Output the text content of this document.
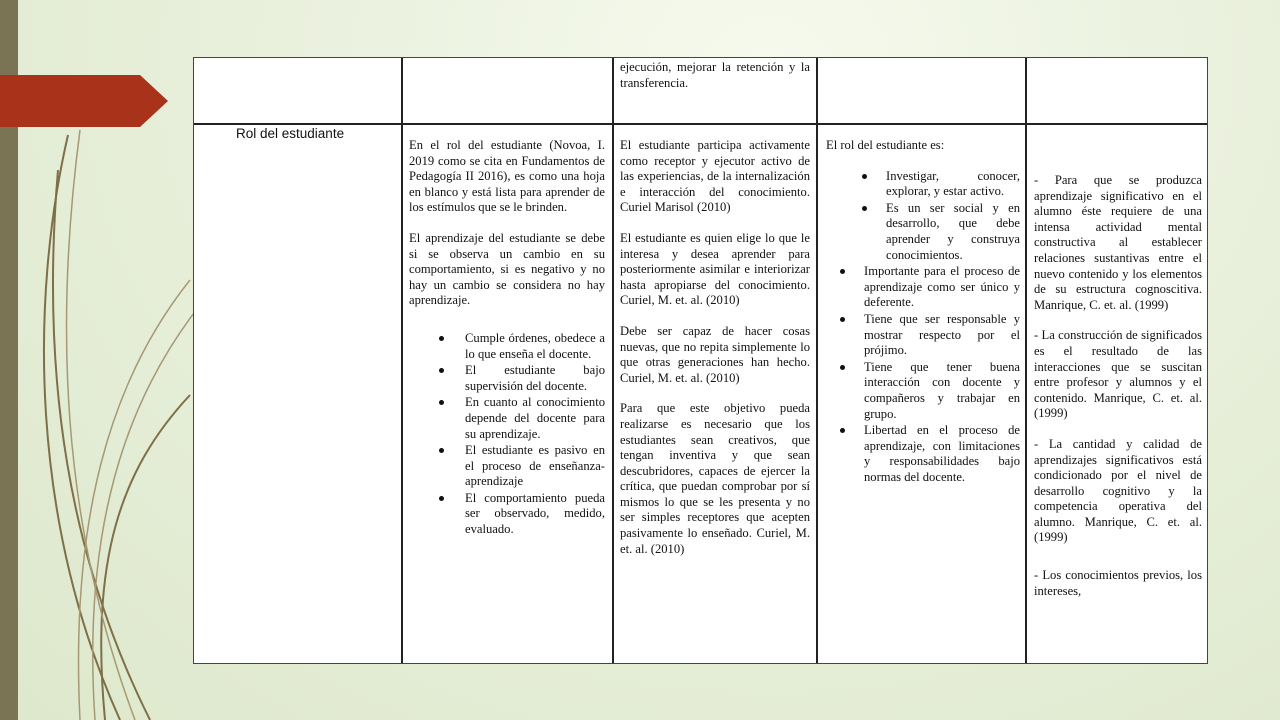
ejecución, mejorar la retención y la transferencia.
Rol del estudiante

En el rol del estudiante (Novoa, I. 2019 como se cita en Fundamentos de Pedagogía II 2016), es como una hoja en blanco y está lista para aprender de los estímulos que se le brinden.

El aprendizaje del estudiante se debe si se observa un cambio en su comportamiento, si es negativo y no hay un cambio se considera no hay aprendizaje.

Cumple órdenes, obedece a lo que enseña el docente.
El estudiante bajo supervisión del docente.
En cuanto al conocimiento depende del docente para su aprendizaje.
El estudiante es pasivo en el proceso de enseñanza-aprendizaje
El comportamiento pueda ser observado, medido, evaluado.

El estudiante participa activamente como receptor y ejecutor activo de las experiencias, de la internalización e interacción del conocimiento. Curiel Marisol (2010)

El estudiante es quien elige lo que le interesa y desea aprender para posteriormente asimilar e interiorizar hasta apropiarse del conocimiento. Curiel, M. et. al. (2010)

Debe ser capaz de hacer cosas nuevas, que no repita simplemente lo que otras generaciones han hecho. Curiel, M. et. al. (2010)

Para que este objetivo pueda realizarse es necesario que los estudiantes sean creativos, que tengan inventiva y que sean descubridores, capaces de ejercer la crítica, que puedan comprobar por sí mismos lo que se les presenta y no ser simples receptores que acepten pasivamente lo enseñado. Curiel, M. et. al. (2010)

El rol del estudiante es:

Investigar, conocer, explorar, y estar activo.
Es un ser social y en desarrollo, que debe aprender y construya conocimientos.
Importante para el proceso de aprendizaje como ser único y deferente.
Tiene que ser responsable y mostrar respecto por el prójimo.
Tiene que tener buena interacción con docente y compañeros y trabajar en grupo.
Libertad en el proceso de aprendizaje, con limitaciones y responsabilidades bajo normas del docente.

- Para que se produzca aprendizaje significativo en el alumno éste requiere de una intensa actividad mental constructiva al establecer relaciones sustantivas entre el nuevo contenido y los elementos de su estructura cognoscitiva. Manrique, C. et. al. (1999)

- La construcción de significados es el resultado de las interacciones que se suscitan entre profesor y alumnos y el contenido. Manrique, C. et. al. (1999)

- La cantidad y calidad de aprendizajes significativos está condicionado por el nivel de desarrollo cognitivo y la competencia operativa del alumno. Manrique, C. et. al. (1999)

- Los conocimientos previos, los intereses,
